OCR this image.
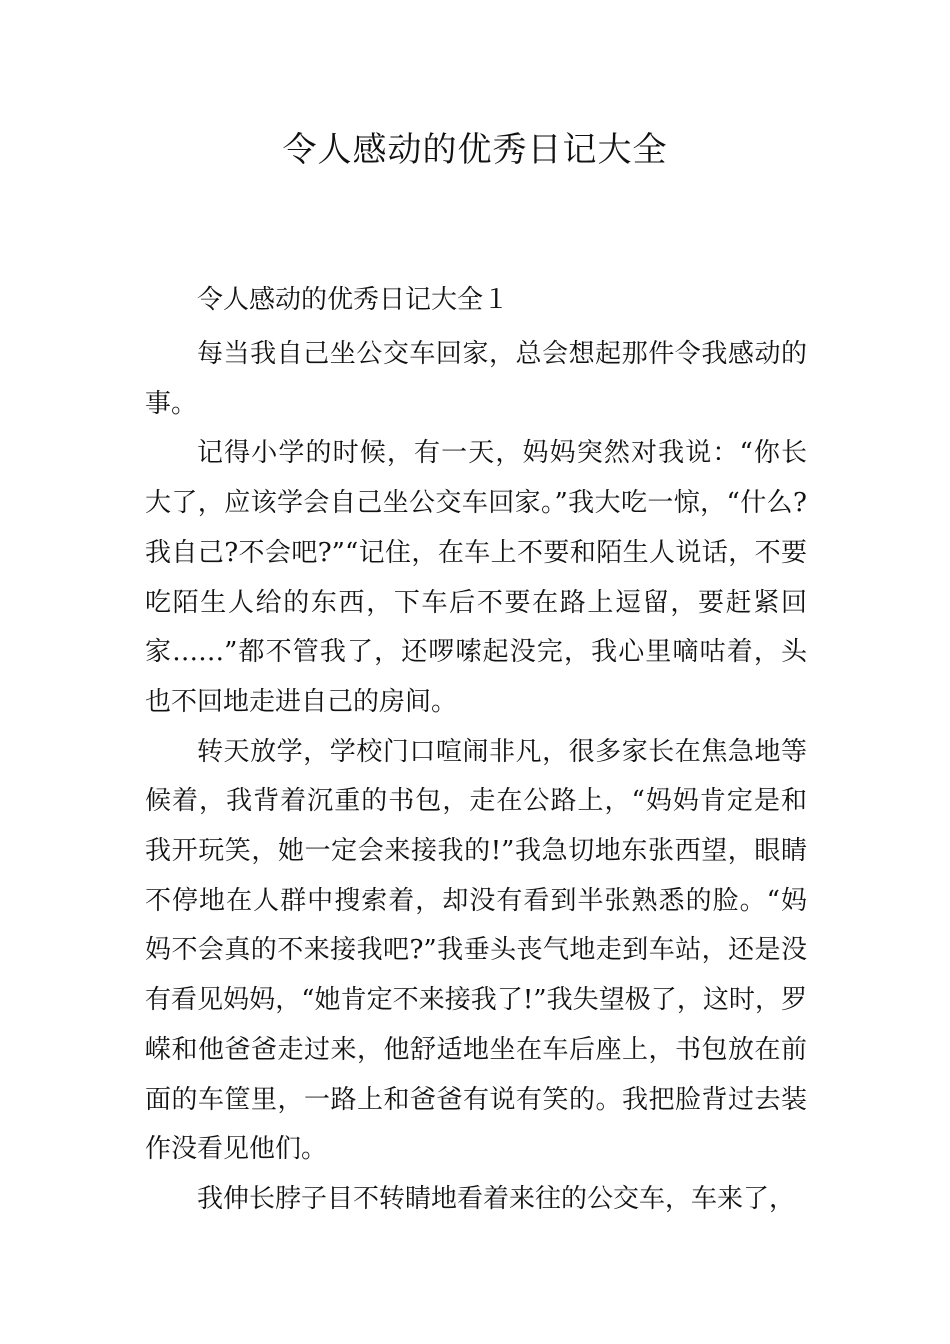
令人感动的优秀日记大全

令人感动的优秀日记大全１

每当我自己坐公交车回家，总会想起那件令我感动的事。

记得小学的时候，有一天，妈妈突然对我说：“你长大了，应该学会自己坐公交车回家。”我大吃一惊，“什么?我自己?不会吧?”“记住，在车上不要和陌生人说话，不要吃陌生人给的东西，下车后不要在路上逗留，要赶紧回家……”都不管我了，还啰嗦起没完，我心里嘀咕着，头也不回地走进自己的房间。

转天放学，学校门口喧闹非凡，很多家长在焦急地等候着，我背着沉重的书包，走在公路上，“妈妈肯定是和我开玩笑，她一定会来接我的!”我急切地东张西望，眼睛不停地在人群中搜索着，却没有看到半张熟悉的脸。“妈妈不会真的不来接我吧?”我垂头丧气地走到车站，还是没有看见妈妈，“她肯定不来接我了!”我失望极了，这时，罗嵘和他爸爸走过来，他舒适地坐在车后座上，书包放在前面的车筐里，一路上和爸爸有说有笑的。我把脸背过去装作没看见他们。

我伸长脖子目不转睛地看着来往的公交车，车来了，
